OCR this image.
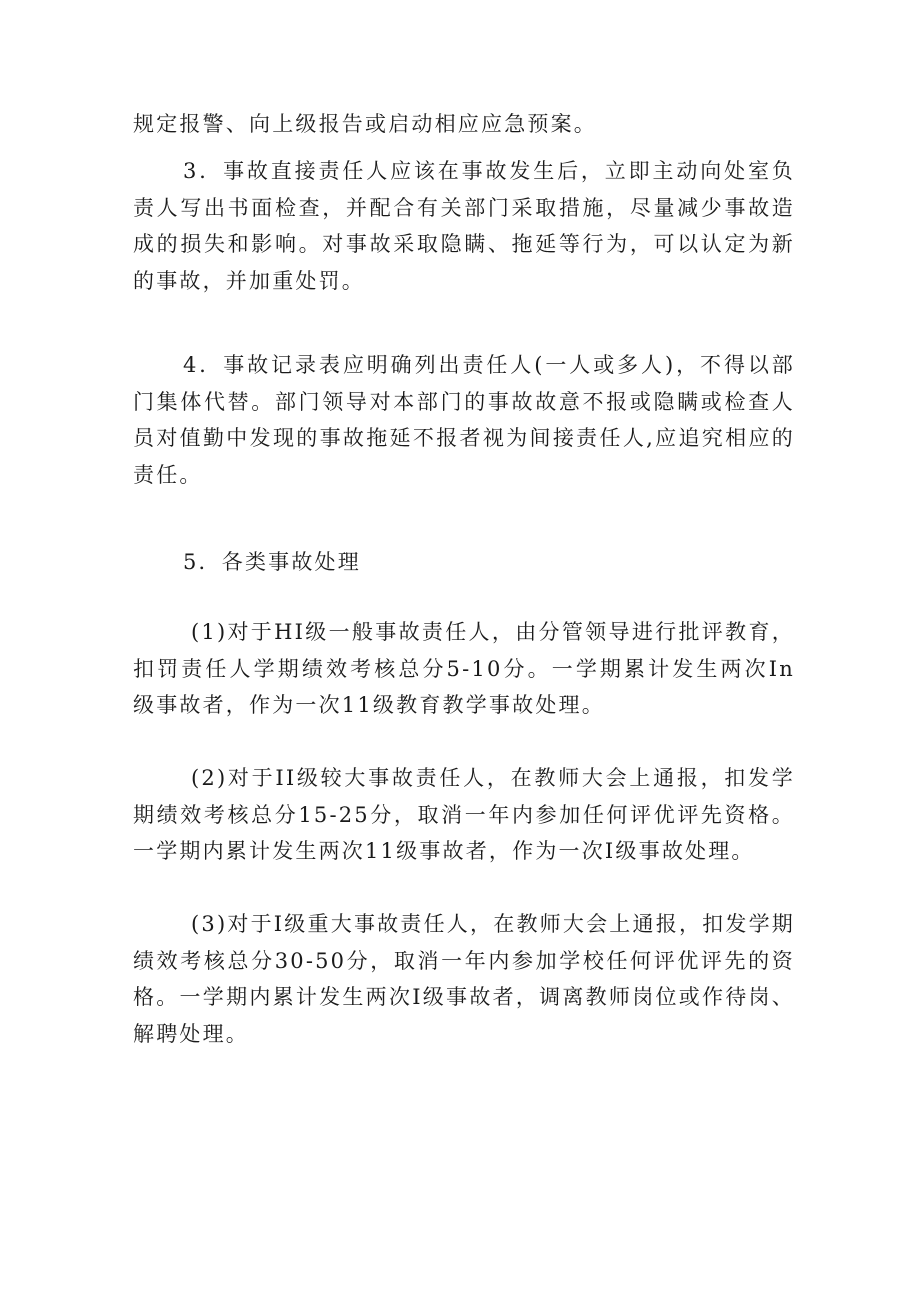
规定报警、向上级报告或启动相应应急预案。

3．事故直接责任人应该在事故发生后，立即主动向处室负责人写出书面检查，并配合有关部门采取措施，尽量减少事故造成的损失和影响。对事故采取隐瞒、拖延等行为，可以认定为新的事故，并加重处罚。

4．事故记录表应明确列出责任人(一人或多人)，不得以部门集体代替。部门领导对本部门的事故故意不报或隐瞒或检查人员对值勤中发现的事故拖延不报者视为间接责任人,应追究相应的责任。

5．各类事故处理

(1)对于HI级一般事故责任人，由分管领导进行批评教育，扣罚责任人学期绩效考核总分5-10分。一学期累计发生两次In级事故者，作为一次11级教育教学事故处理。

(2)对于II级较大事故责任人，在教师大会上通报，扣发学期绩效考核总分15-25分，取消一年内参加任何评优评先资格。一学期内累计发生两次11级事故者，作为一次I级事故处理。

(3)对于I级重大事故责任人，在教师大会上通报，扣发学期绩效考核总分30-50分，取消一年内参加学校任何评优评先的资格。一学期内累计发生两次I级事故者，调离教师岗位或作待岗、解聘处理。
